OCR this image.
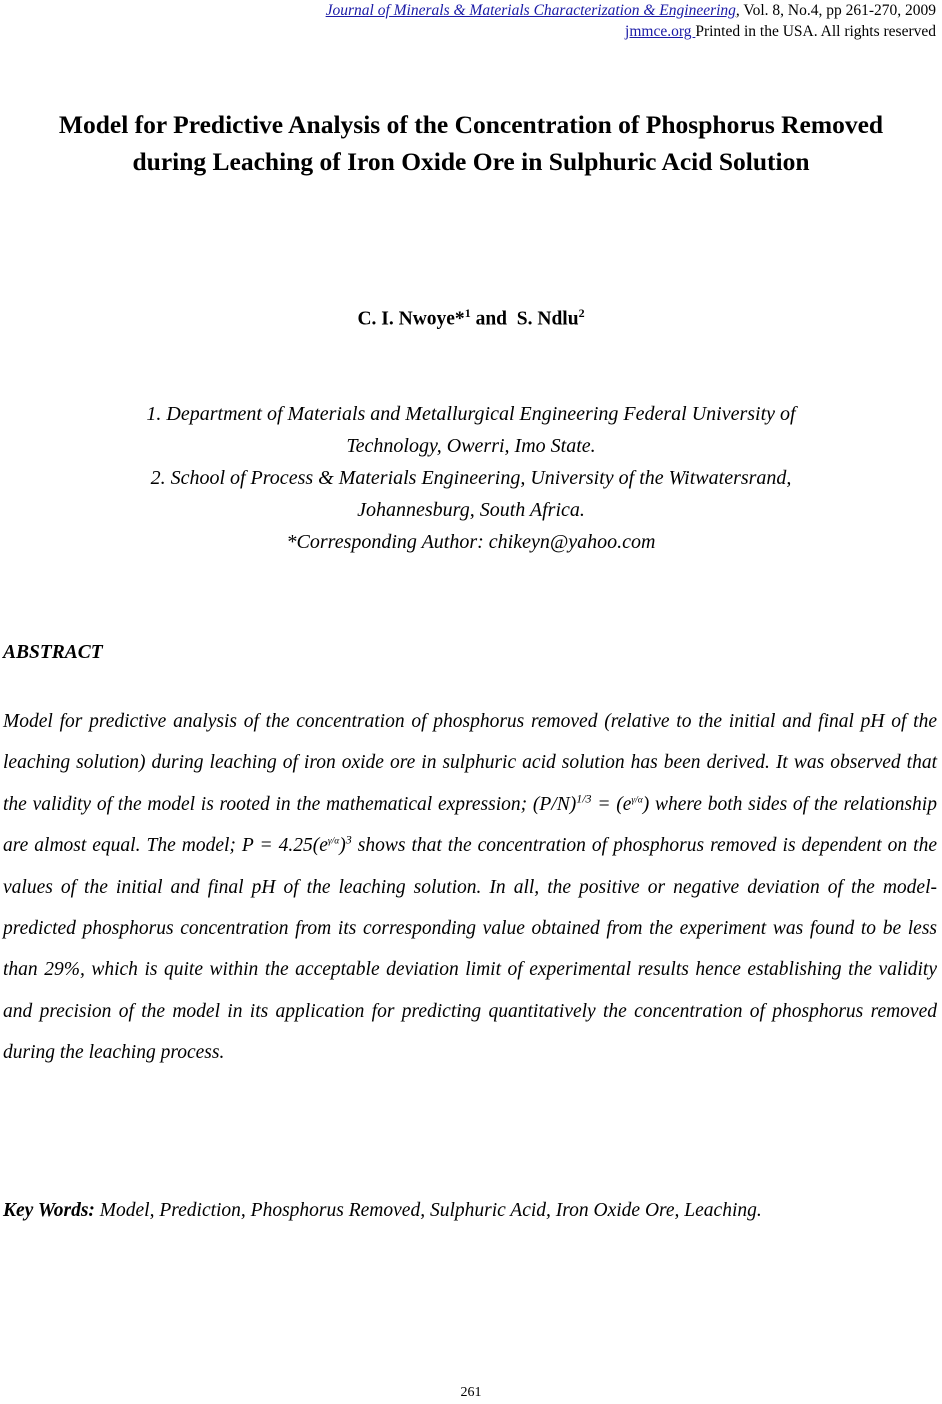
Journal of Minerals & Materials Characterization & Engineering, Vol. 8, No.4, pp 261-270, 2009
jmmce.org Printed in the USA. All rights reserved
Model for Predictive Analysis of the Concentration of Phosphorus Removed
during Leaching of Iron Oxide Ore in Sulphuric Acid Solution
C. I. Nwoye*$^1$ and  S. Ndlu$^2$
1. Department of Materials and Metallurgical Engineering Federal University of
Technology, Owerri, Imo State.
2. School of Process & Materials Engineering, University of the Witwatersrand,
Johannesburg, South Africa.
*Corresponding Author: chikeyn@yahoo.com
ABSTRACT
Model for predictive analysis of the concentration of phosphorus removed (relative to the initial and final pH of the leaching solution) during leaching of iron oxide ore in sulphuric acid solution has been derived. It was observed that the validity of the model is rooted in the mathematical expression; $(P/N)^{1/3} = (e^{\gamma/\alpha})$ where both sides of the relationship are almost equal. The model; $P = 4.25(e^{\gamma/\alpha})^3$ shows that the concentration of phosphorus removed is dependent on the values of the initial and final pH of the leaching solution. In all, the positive or negative deviation of the model-predicted phosphorus concentration from its corresponding value obtained from the experiment was found to be less than 29%, which is quite within the acceptable deviation limit of experimental results hence establishing the validity and precision of the model in its application for predicting quantitatively the concentration of phosphorus removed during the leaching process.
Key Words: Model, Prediction, Phosphorus Removed, Sulphuric Acid, Iron Oxide Ore, Leaching.
261
